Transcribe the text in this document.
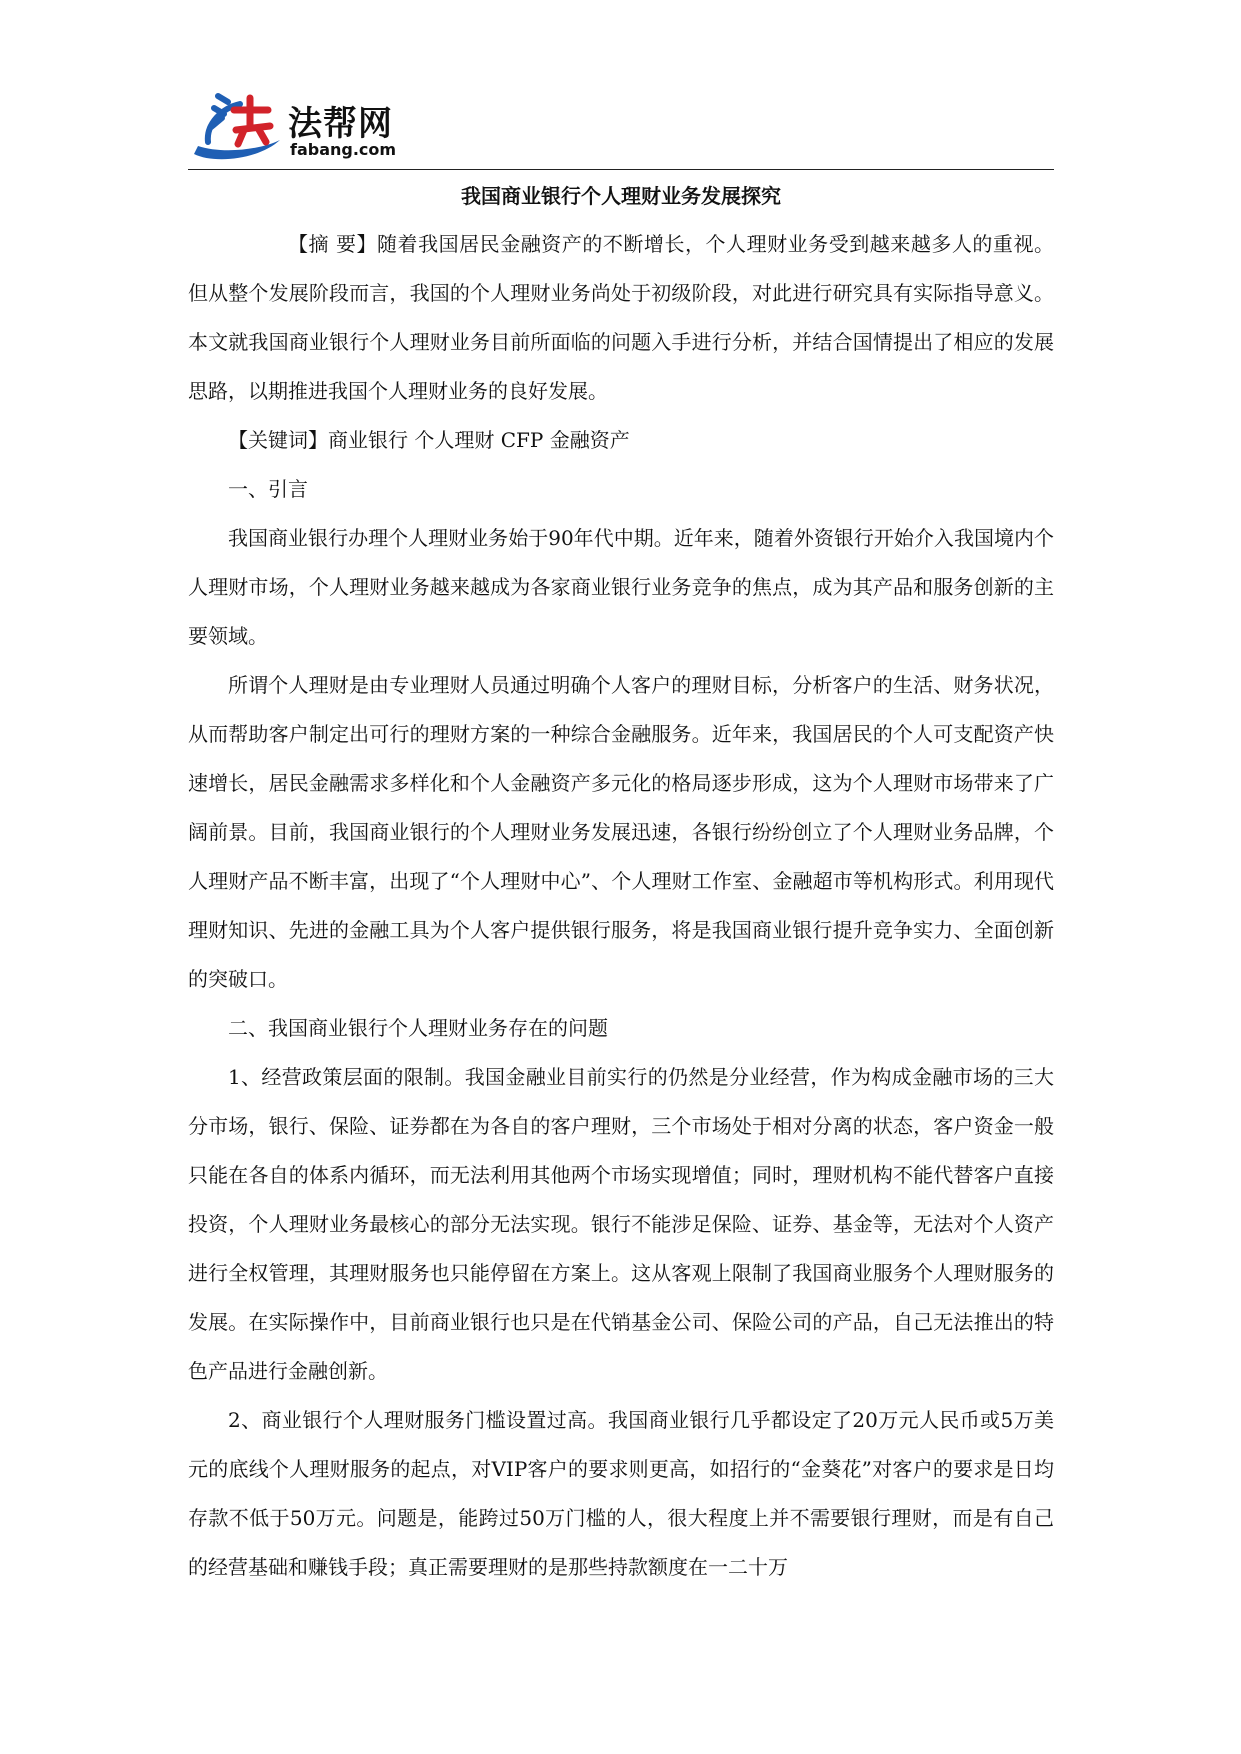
法帮网
fabang.com
我国商业银行个人理财业务发展探究

【摘 要】随着我国居民金融资产的不断增长，个人理财业务受到越来越多人的重视。但从整个发展阶段而言，我国的个人理财业务尚处于初级阶段，对此进行研究具有实际指导意义。本文就我国商业银行个人理财业务目前所面临的问题入手进行分析，并结合国情提出了相应的发展思路，以期推进我国个人理财业务的良好发展。

【关键词】商业银行 个人理财 CFP 金融资产

一、引言

我国商业银行办理个人理财业务始于90年代中期。近年来，随着外资银行开始介入我国境内个人理财市场，个人理财业务越来越成为各家商业银行业务竞争的焦点，成为其产品和服务创新的主要领域。

所谓个人理财是由专业理财人员通过明确个人客户的理财目标，分析客户的生活、财务状况，从而帮助客户制定出可行的理财方案的一种综合金融服务。近年来，我国居民的个人可支配资产快速增长，居民金融需求多样化和个人金融资产多元化的格局逐步形成，这为个人理财市场带来了广阔前景。目前，我国商业银行的个人理财业务发展迅速，各银行纷纷创立了个人理财业务品牌，个人理财产品不断丰富，出现了“个人理财中心”、个人理财工作室、金融超市等机构形式。利用现代理财知识、先进的金融工具为个人客户提供银行服务，将是我国商业银行提升竞争实力、全面创新的突破口。

二、我国商业银行个人理财业务存在的问题

1、经营政策层面的限制。我国金融业目前实行的仍然是分业经营，作为构成金融市场的三大分市场，银行、保险、证券都在为各自的客户理财，三个市场处于相对分离的状态，客户资金一般只能在各自的体系内循环，而无法利用其他两个市场实现增值；同时，理财机构不能代替客户直接投资，个人理财业务最核心的部分无法实现。银行不能涉足保险、证券、基金等，无法对个人资产进行全权管理，其理财服务也只能停留在方案上。这从客观上限制了我国商业服务个人理财服务的发展。在实际操作中，目前商业银行也只是在代销基金公司、保险公司的产品，自己无法推出的特色产品进行金融创新。

2、商业银行个人理财服务门槛设置过高。我国商业银行几乎都设定了20万元人民币或5万美元的底线个人理财服务的起点，对VIP客户的要求则更高，如招行的“金葵花”对客户的要求是日均存款不低于50万元。问题是，能跨过50万门槛的人，很大程度上并不需要银行理财，而是有自己的经营基础和赚钱手段；真正需要理财的是那些持款额度在一二十万
